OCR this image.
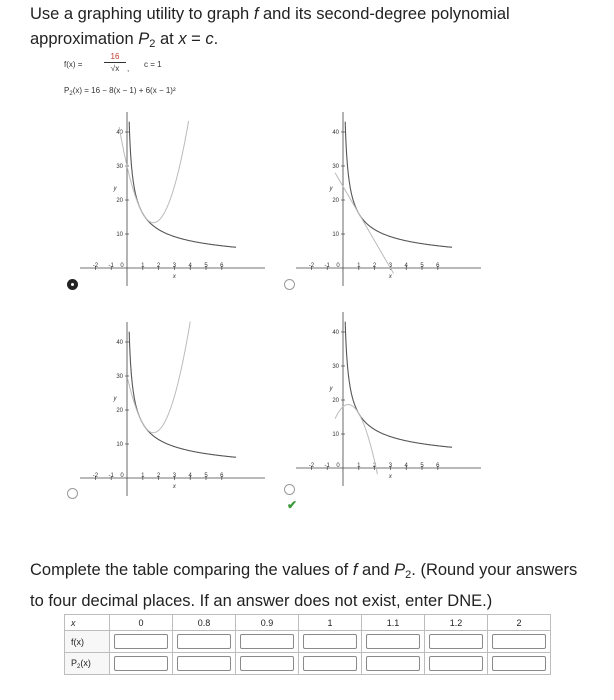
Use a graphing utility to graph f and its second-degree polynomial
approximation $P_2$ at x = c.
f(x) =
16
√x , c = 1
$P_2(x) = 16 - 8(x - 1) + 6(x - 1)^2$
-2 -1 0	1 2 3 4 5 6
x
10
20
30
40
y
-2 -1 0	1 2 3 4 5 6
x
10
20
30
40
y
-2 -1 0	1 2 3 4 5 6
x
10
20
30
40
y
-2 -1 0	1 2 3 4 5 6
x
10
20
30
40
y
✔
Complete the table comparing the values of f and $P_2$. (Round your answers
to four decimal places. If an answer does not exist, enter DNE.)
x	0	0.8	0.9	1	1.1	1.2	2
f(x)	

$P_2(x)$	
